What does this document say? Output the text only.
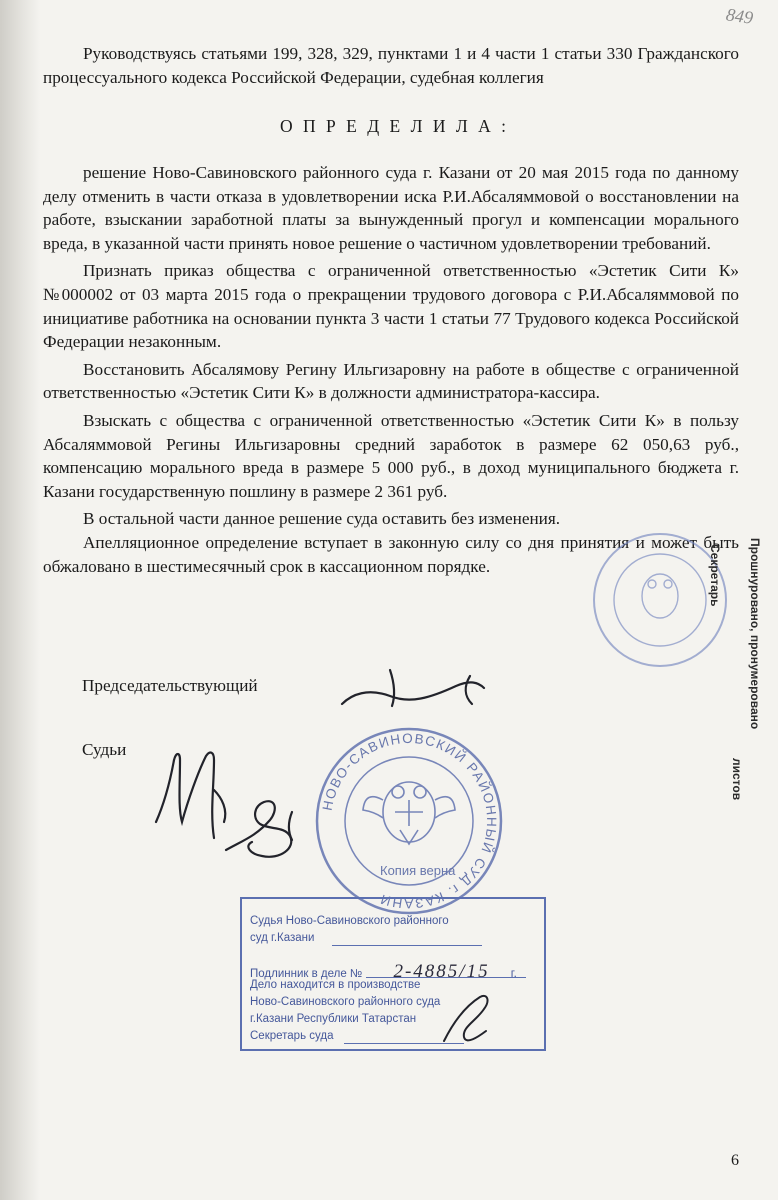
849

Руководствуясь статьями 199, 328, 329, пунктами 1 и 4 части 1 статьи 330 Гражданского процессуального кодекса Российской Федерации, судебная коллегия

О П Р Е Д Е Л И Л А :

решение Ново-Савиновского районного суда г. Казани от 20 мая 2015 года по данному делу отменить в части отказа в удовлетворении иска Р.И.Абсаляммовой о восстановлении на работе, взыскании заработной платы за вынужденный прогул и компенсации морального вреда, в указанной части принять новое решение о частичном удовлетворении требований.

Признать приказ общества с ограниченной ответственностью «Эстетик Сити К» №000002 от 03 марта 2015 года о прекращении трудового договора с Р.И.Абсаляммовой по инициативе работника на основании пункта 3 части 1 статьи 77 Трудового кодекса Российской Федерации незаконным.

Восстановить Абсалямову Регину Ильгизаровну на работе в обществе с ограниченной ответственностью «Эстетик Сити К» в должности администратора-кассира.

Взыскать с общества с ограниченной ответственностью «Эстетик Сити К» в пользу Абсаляммовой Регины Ильгизаровны средний заработок в размере 62 050,63 руб., компенсацию морального вреда в размере 5 000 руб., в доход муниципального бюджета г. Казани государственную пошлину в размере 2 361 руб.

В остальной части данное решение суда оставить без изменения.

Апелляционное определение вступает в законную силу со дня принятия и может быть обжаловано в шестимесячный срок в кассационном порядке.

Председательствующий
Судьи
НОВО-САВИНОВСКИЙ РАЙОННЫЙ СУД г. КАЗАНИ
Копия верна
Судья Ново-Савиновского районного
суд г.Казани
Подлинник в деле № 2-4885/15 г.
Дело находится в производстве
Ново-Савиновского районного суда
г.Казани Республики Татарстан
Секретарь суда
Прошнуровано, пронумеровано
листов
Секретарь
6
